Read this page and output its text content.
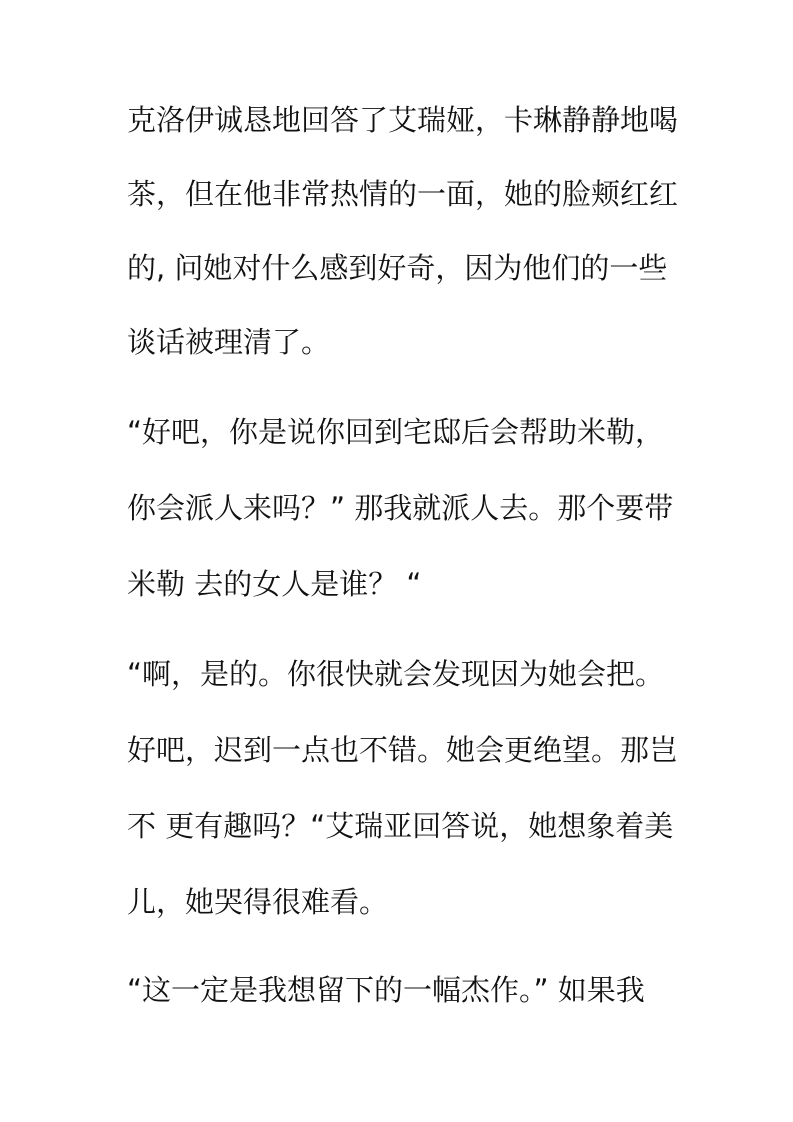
克洛伊诚恳地回答了艾瑞娅，卡琳静静地喝

茶，但在他非常热情的一面，她的脸颊红红

的, 问她对什么感到好奇，因为他们的一些

谈话被理清了。

“好吧，你是说你回到宅邸后会帮助米勒，

你会派人来吗？” 那我就派人去。那个要带

米勒 去的女人是谁？ “

“啊，是的。你很快就会发现因为她会把。

好吧，迟到一点也不错。她会更绝望。那岂

不 更有趣吗？“艾瑞亚回答说，她想象着美

儿，她哭得很难看。

“这一定是我想留下的一幅杰作。” 如果我
